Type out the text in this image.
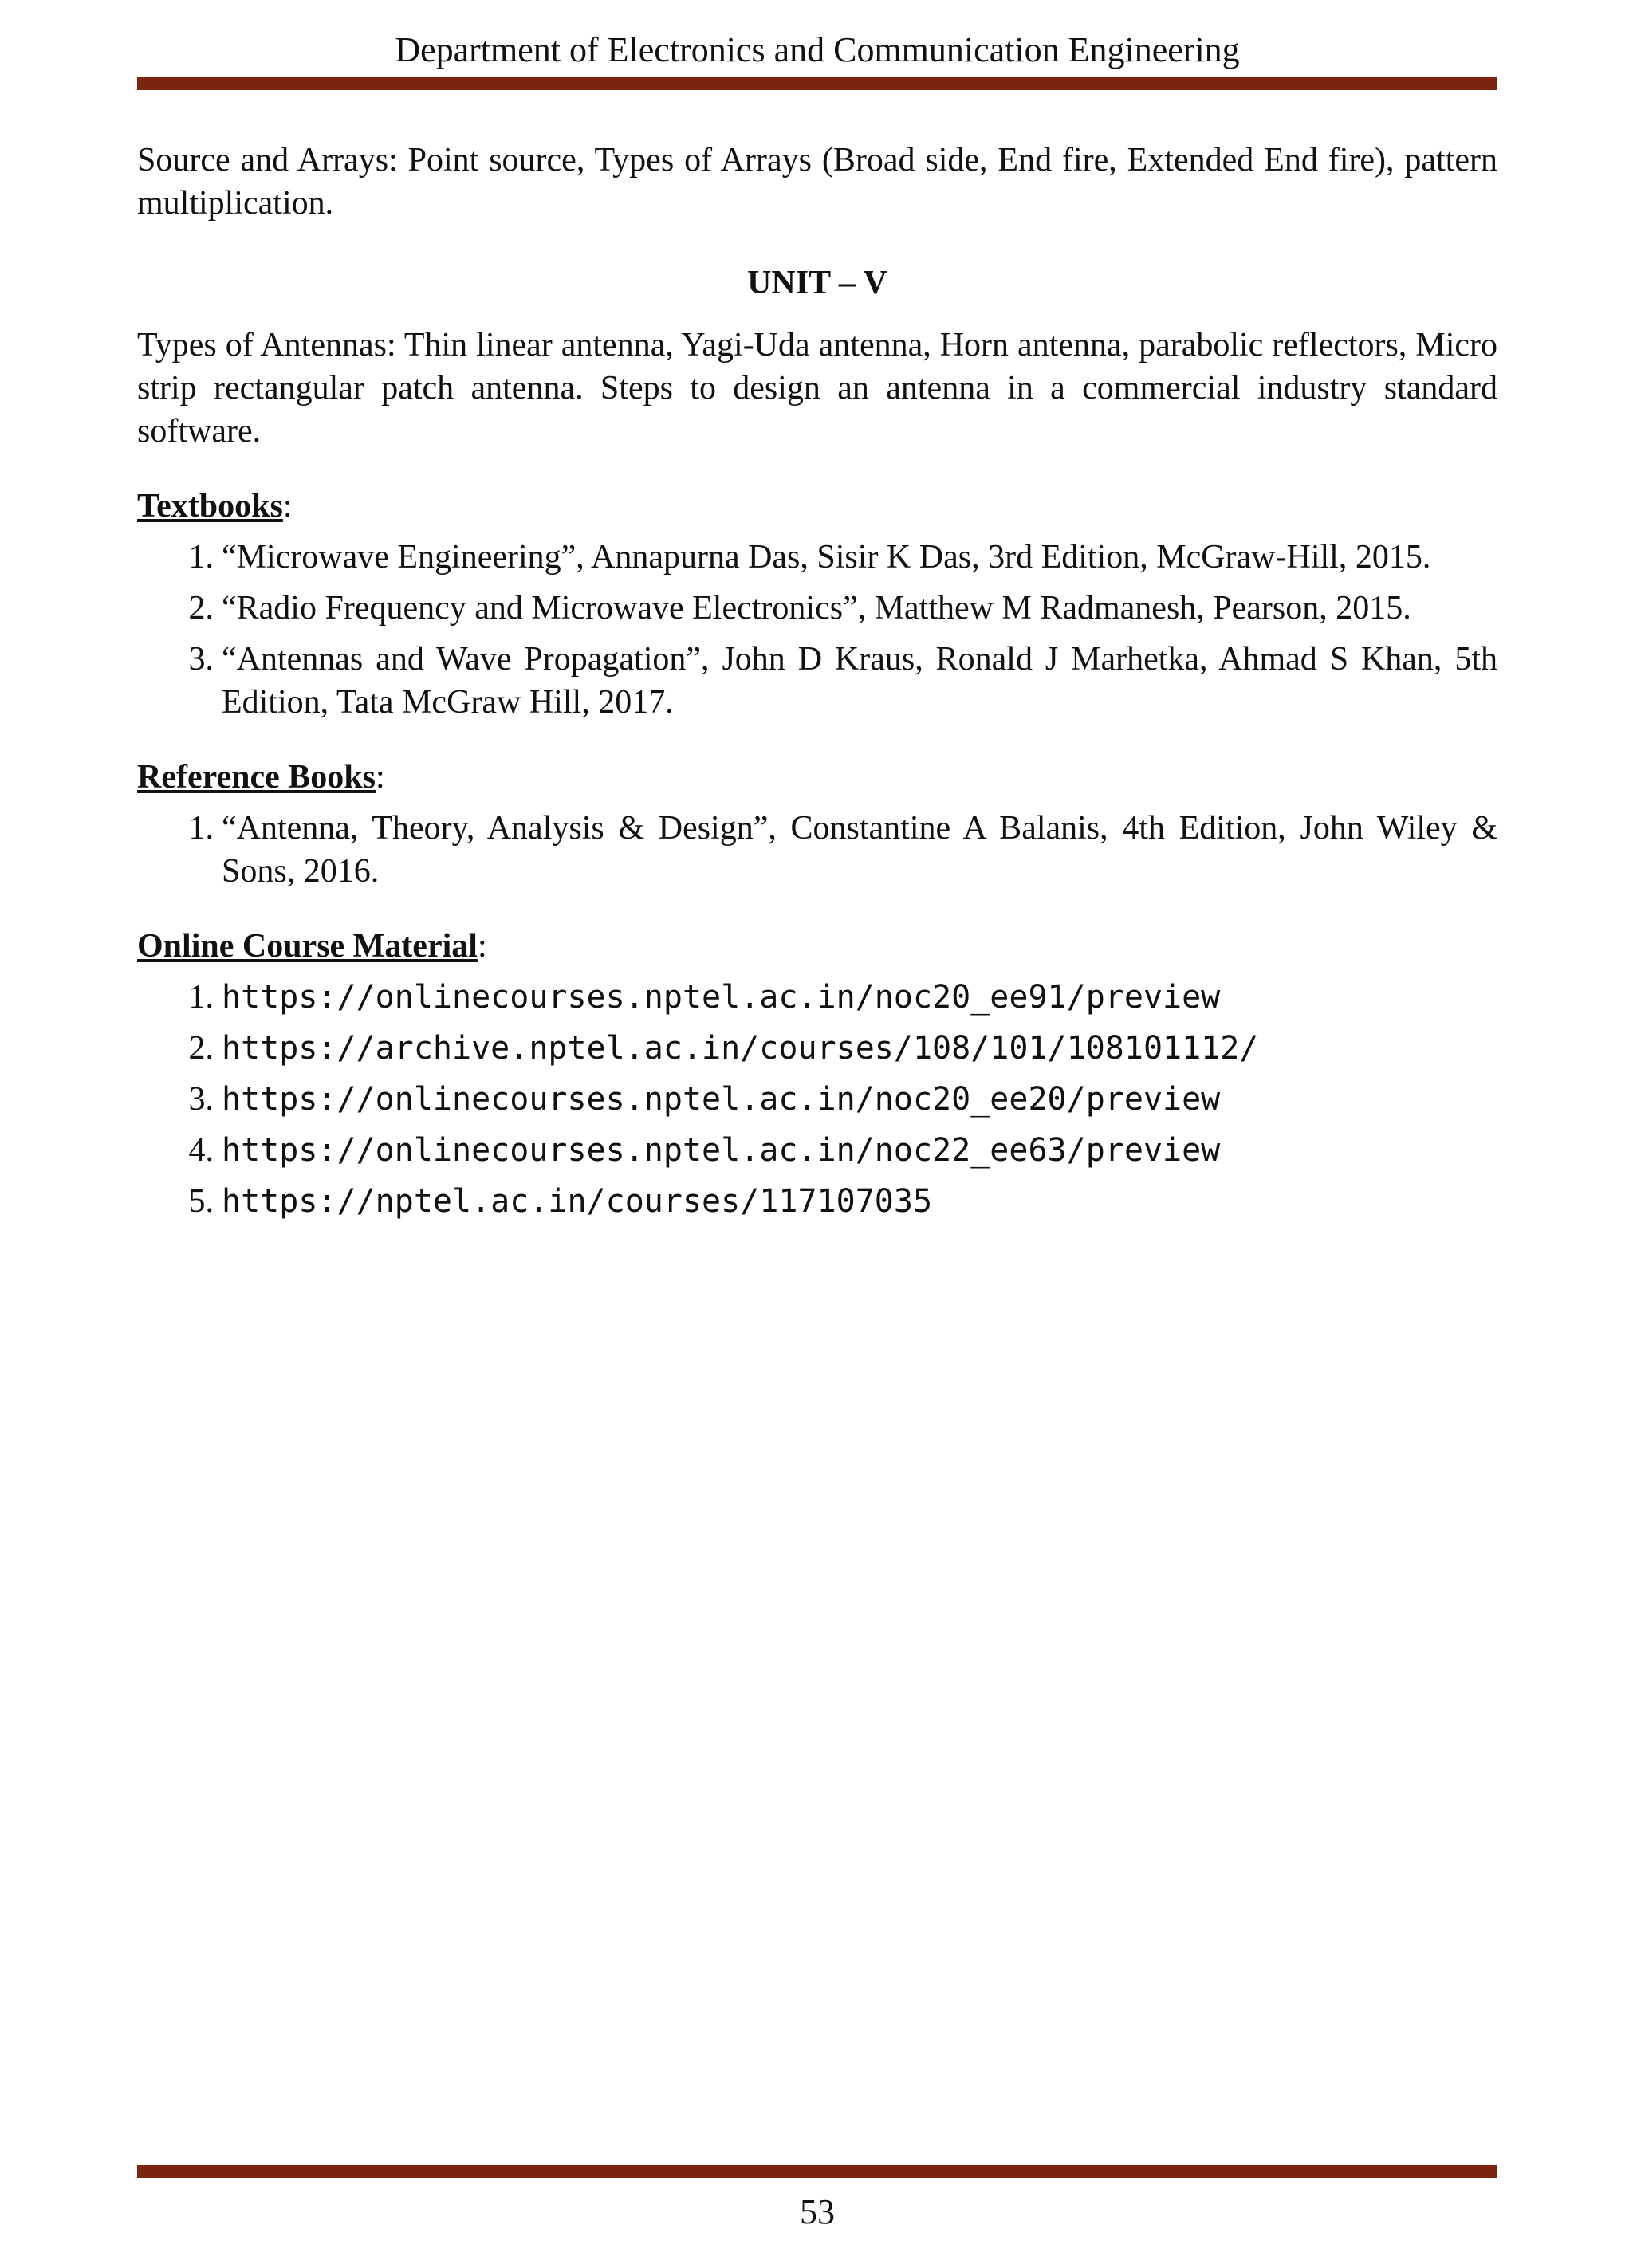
Department of Electronics and Communication Engineering

Source and Arrays: Point source, Types of Arrays (Broad side, End fire, Extended End fire), pattern multiplication.

UNIT – V

Types of Antennas: Thin linear antenna, Yagi-Uda antenna, Horn antenna, parabolic reflectors, Micro strip rectangular patch antenna. Steps to design an antenna in a commercial industry standard software.

Textbooks:
1. “Microwave Engineering”, Annapurna Das, Sisir K Das, 3rd Edition, McGraw-Hill, 2015.
2. “Radio Frequency and Microwave Electronics”, Matthew M Radmanesh, Pearson, 2015.
3. “Antennas and Wave Propagation”, John D Kraus, Ronald J Marhetka, Ahmad S Khan, 5th Edition, Tata McGraw Hill, 2017.
Reference Books:
1. “Antenna, Theory, Analysis & Design”, Constantine A Balanis, 4th Edition, John Wiley & Sons, 2016.
Online Course Material:
1. https://onlinecourses.nptel.ac.in/noc20_ee91/preview
2. https://archive.nptel.ac.in/courses/108/101/108101112/
3. https://onlinecourses.nptel.ac.in/noc20_ee20/preview
4. https://onlinecourses.nptel.ac.in/noc22_ee63/preview
5. https://nptel.ac.in/courses/117107035
53
